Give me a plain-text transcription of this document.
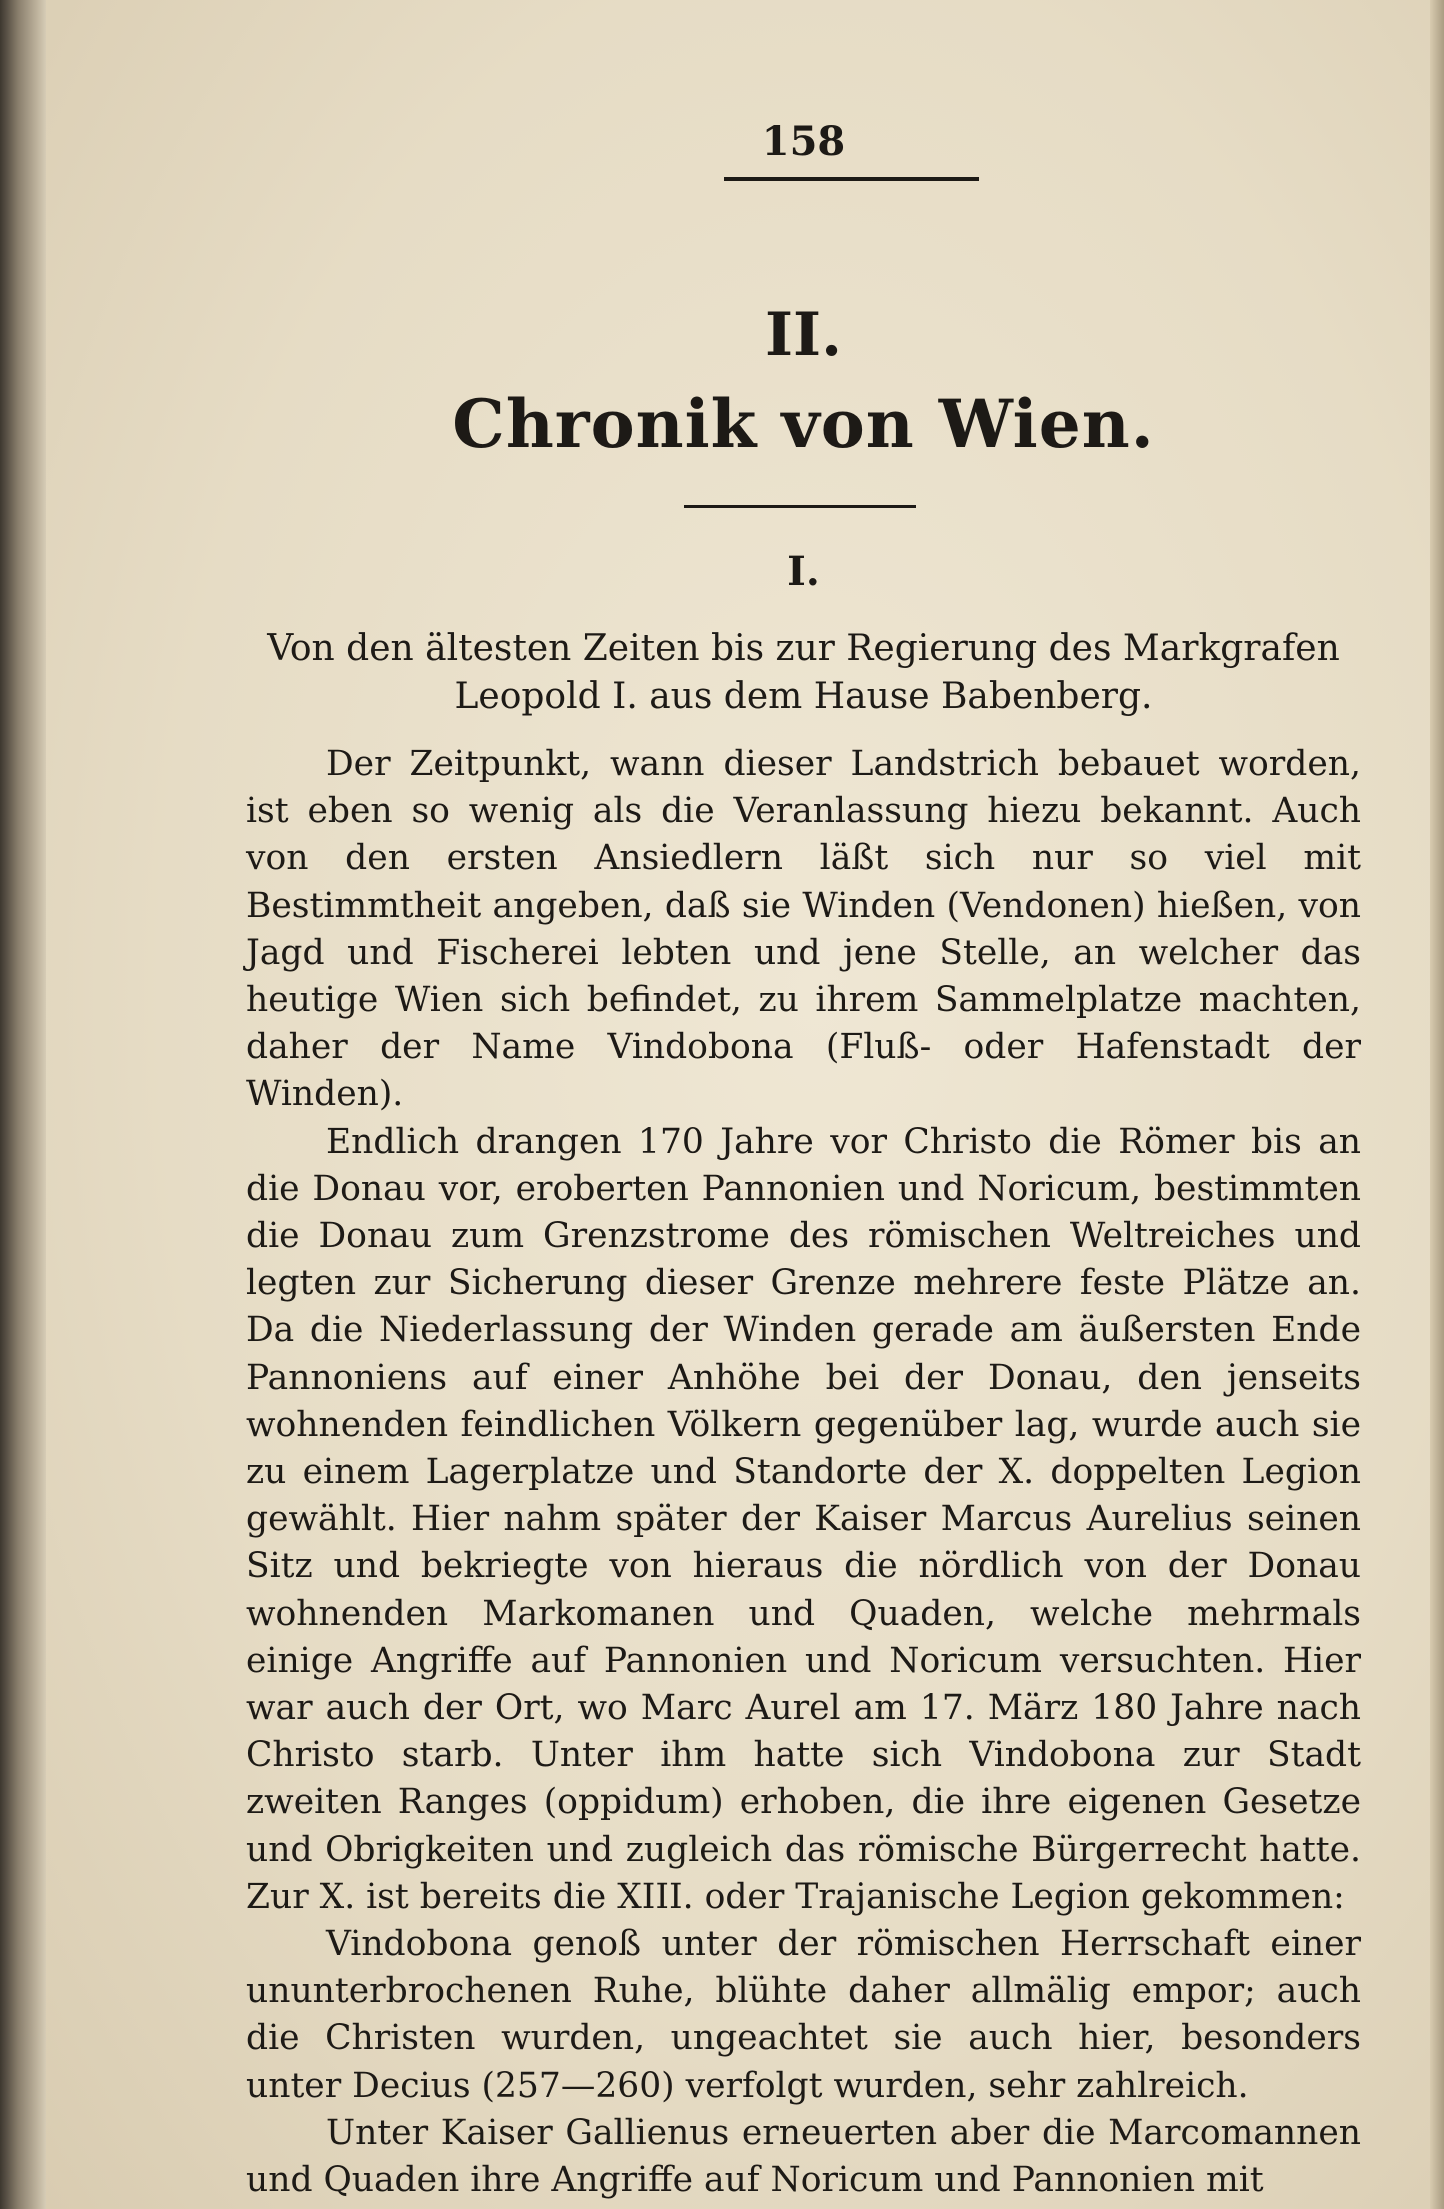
158
II.
Chronik von Wien.
I.
Von den ältesten Zeiten bis zur Regierung des Markgrafen Leopold I. aus dem Hause Babenberg.

Der Zeitpunkt, wann dieser Landstrich bebauet worden, ist eben so wenig als die Veranlassung hiezu bekannt. Auch von den ersten Ansiedlern läßt sich nur so viel mit Bestimmtheit angeben, daß sie Winden (Vendonen) hießen, von Jagd und Fischerei lebten und jene Stelle, an welcher das heutige Wien sich befindet, zu ihrem Sammelplatze machten, daher der Name Vindobona (Fluß- oder Hafenstadt der Winden).

Endlich drangen 170 Jahre vor Christo die Römer bis an die Donau vor, eroberten Pannonien und Noricum, bestimmten die Donau zum Grenzstrome des römischen Weltreiches und legten zur Sicherung dieser Grenze mehrere feste Plätze an. Da die Niederlassung der Winden gerade am äußersten Ende Pannoniens auf einer Anhöhe bei der Donau, den jenseits wohnenden feindlichen Völkern gegenüber lag, wurde auch sie zu einem Lagerplatze und Standorte der X. doppelten Legion gewählt. Hier nahm später der Kaiser Marcus Aurelius seinen Sitz und bekriegte von hieraus die nördlich von der Donau wohnenden Markomanen und Quaden, welche mehrmals einige Angriffe auf Pannonien und Noricum versuchten. Hier war auch der Ort, wo Marc Aurel am 17. März 180 Jahre nach Christo starb. Unter ihm hatte sich Vindobona zur Stadt zweiten Ranges (oppidum) erhoben, die ihre eigenen Gesetze und Obrigkeiten und zugleich das römische Bürgerrecht hatte. Zur X. ist bereits die XIII. oder Trajanische Legion gekommen:

Vindobona genoß unter der römischen Herrschaft einer ununterbrochenen Ruhe, blühte daher allmälig empor; auch die Christen wurden, ungeachtet sie auch hier, besonders unter Decius (257—260) verfolgt wurden, sehr zahlreich.

Unter Kaiser Gallienus erneuerten aber die Marcomannen und Quaden ihre Angriffe auf Noricum und Pannonien mit
